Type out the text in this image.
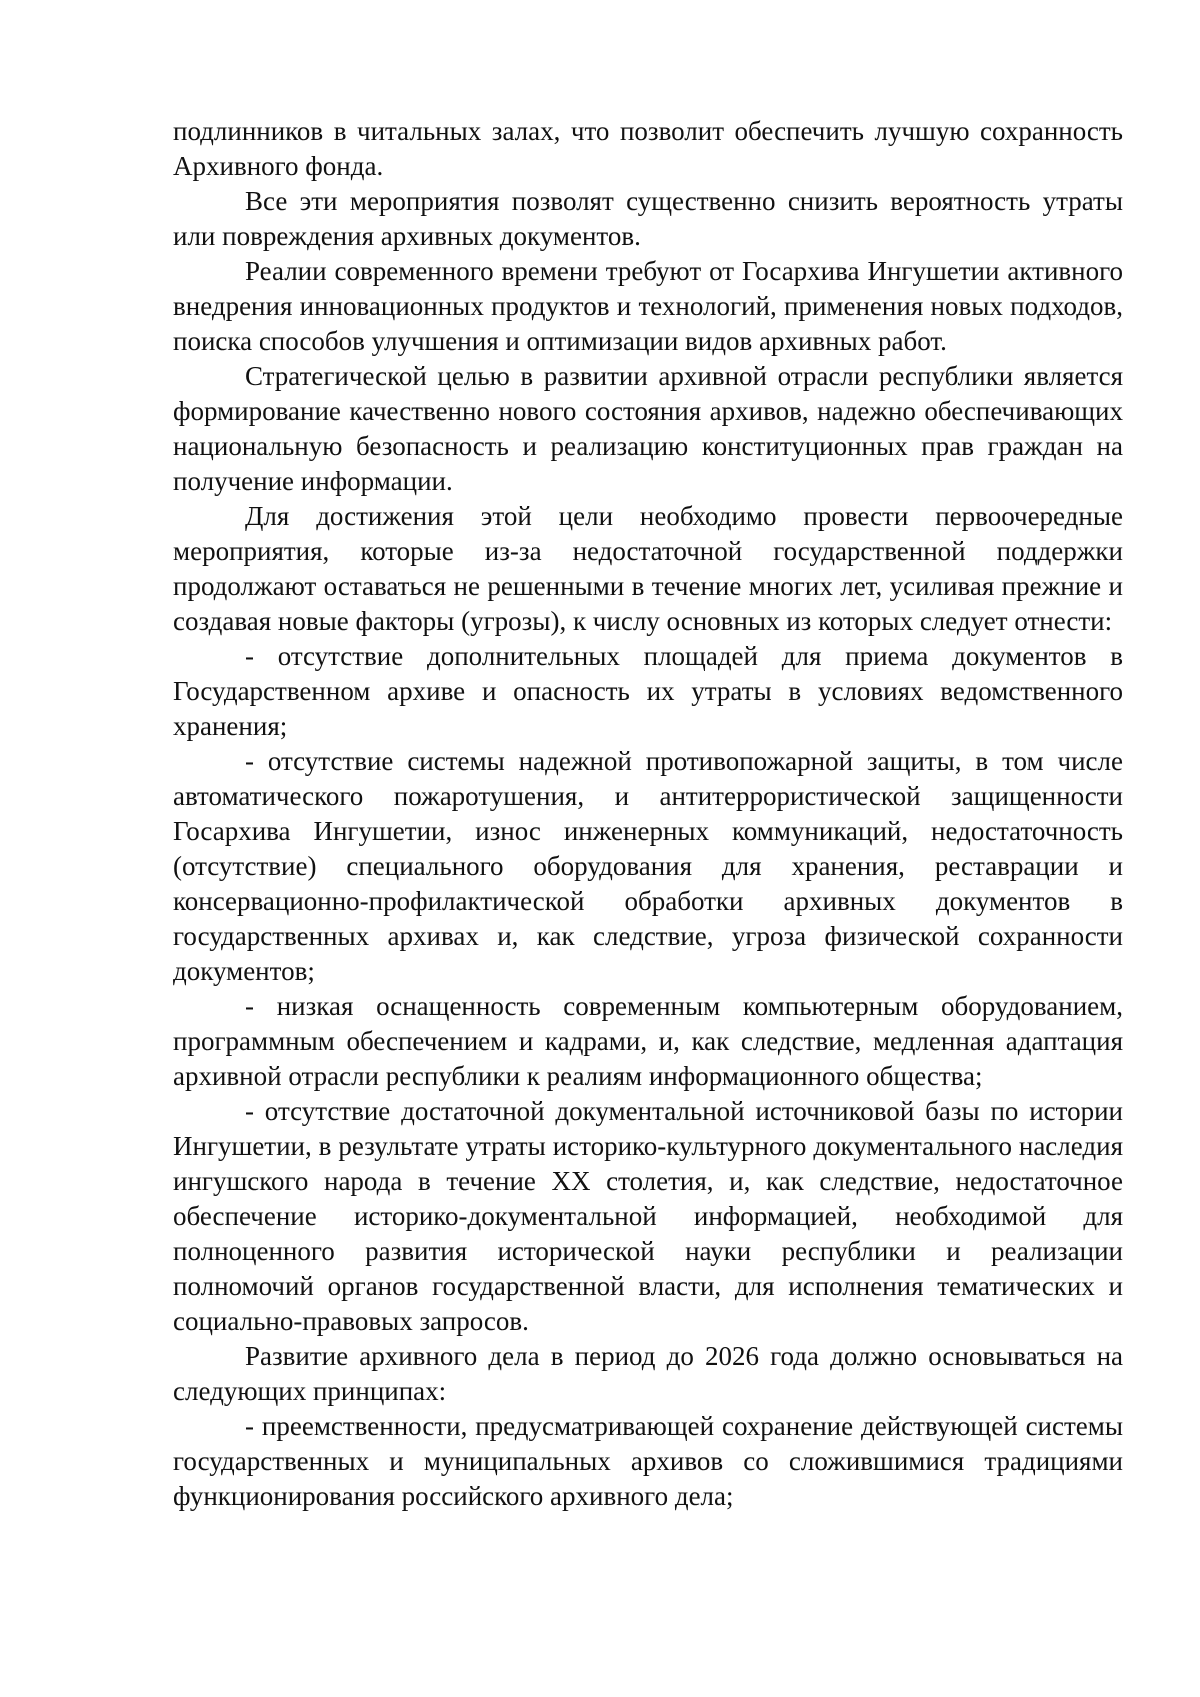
подлинников в читальных залах, что позволит обеспечить лучшую сохранность Архивного фонда.

Все эти мероприятия позволят существенно снизить вероятность утраты или повреждения архивных документов.

Реалии современного времени требуют от Госархива Ингушетии активного внедрения инновационных продуктов и технологий, применения новых подходов, поиска способов улучшения и оптимизации видов архивных работ.

Стратегической целью в развитии архивной отрасли республики является формирование качественно нового состояния архивов, надежно обеспечивающих национальную безопасность и реализацию конституционных прав граждан на получение информации.

Для достижения этой цели необходимо провести первоочередные мероприятия, которые из-за недостаточной государственной поддержки продолжают оставаться не решенными в течение многих лет, усиливая прежние и создавая новые факторы (угрозы), к числу основных из которых следует отнести:

- отсутствие дополнительных площадей для приема документов в Государственном архиве и опасность их утраты в условиях ведомственного хранения;

- отсутствие системы надежной противопожарной защиты, в том числе автоматического пожаротушения, и антитеррористической защищенности Госархива Ингушетии, износ инженерных коммуникаций, недостаточность (отсутствие) специального оборудования для хранения, реставрации и консервационно-профилактической обработки архивных документов в государственных архивах и, как следствие, угроза физической сохранности документов;

- низкая оснащенность современным компьютерным оборудованием, программным обеспечением и кадрами, и, как следствие, медленная адаптация архивной отрасли республики к реалиям информационного общества;

- отсутствие достаточной документальной источниковой базы по истории Ингушетии, в результате утраты историко-культурного документального наследия ингушского народа в течение XX столетия, и, как следствие, недостаточное обеспечение историко-документальной информацией, необходимой для полноценного развития исторической науки республики и реализации полномочий органов государственной власти, для исполнения тематических и социально-правовых запросов.

Развитие архивного дела в период до 2026 года должно основываться на следующих принципах:

- преемственности, предусматривающей сохранение действующей системы государственных и муниципальных архивов со сложившимися традициями функционирования российского архивного дела;
